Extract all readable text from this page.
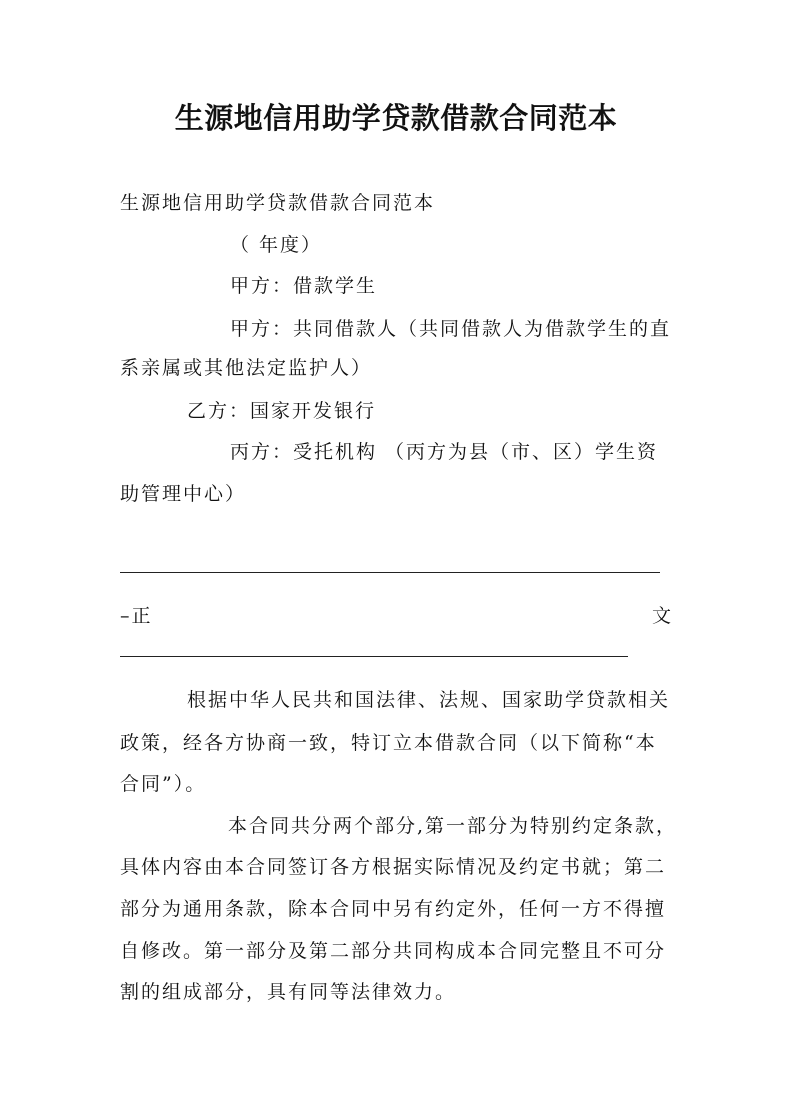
生源地信用助学贷款借款合同范本
生源地信用助学贷款借款合同范本
（ 年度）
甲方：借款学生
甲方：共同借款人（共同借款人为借款学生的直
系亲属或其他法定监护人）
乙方：国家开发银行
丙方：受托机构 （丙方为县（市、区）学生资
助管理中心）
–正	文
根据中华人民共和国法律、法规、国家助学贷款相关
政策，经各方协商一致，特订立本借款合同（以下简称“本
合同”）。
本合同共分两个部分,第一部分为特别约定条款，
具体内容由本合同签订各方根据实际情况及约定书就；第二
部分为通用条款，除本合同中另有约定外，任何一方不得擅
自修改。第一部分及第二部分共同构成本合同完整且不可分
割的组成部分，具有同等法律效力。
